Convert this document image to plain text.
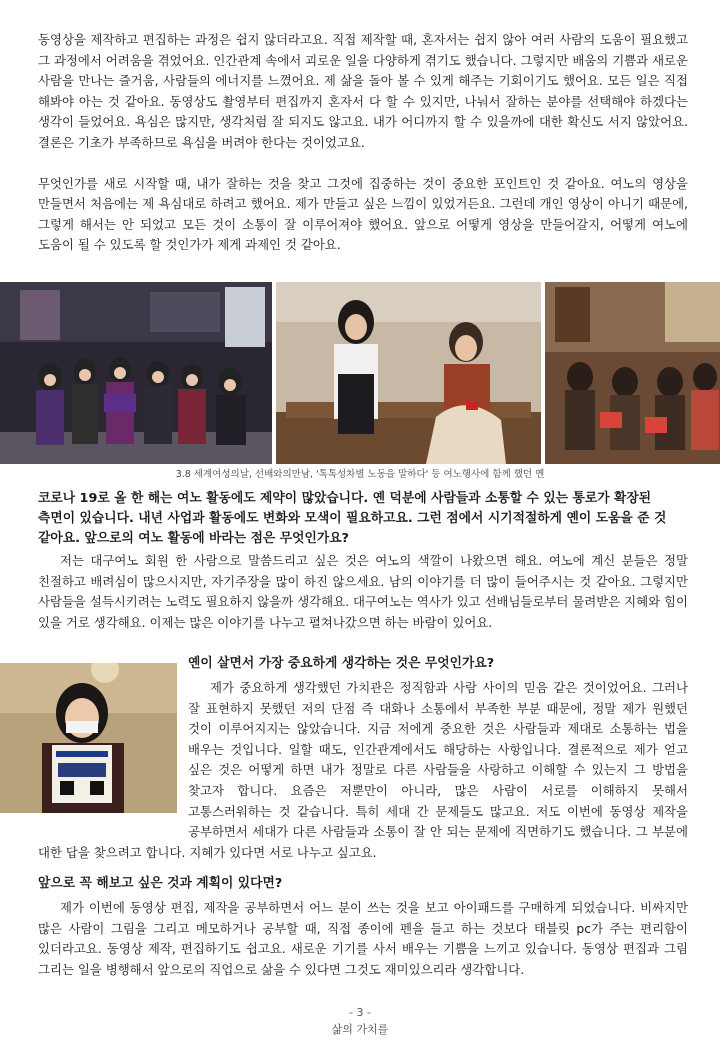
동영상을 제작하고 편집하는 과정은 쉽지 않더라고요. 직접 제작할 때, 혼자서는 쉽지 않아 여러 사람의 도움이 필요했고 그 과정에서 어려움을 겪었어요. 인간관계 속에서 괴로운 일을 다양하게 겪기도 했습니다. 그렇지만 배움의 기쁨과 새로운 사람을 만나는 즐거움, 사람들의 에너지를 느꼈어요. 제 삶을 돌아 볼 수 있게 해주는 기회이기도 했어요. 모든 일은 직접 해봐야 아는 것 같아요. 동영상도 촬영부터 편집까지 혼자서 다 할 수 있지만, 나눠서 잘하는 분야를 선택해야 하겠다는 생각이 들었어요. 욕심은 많지만, 생각처럼 잘 되지도 않고요. 내가 어디까지 할 수 있을까에 대한 확신도 서지 않았어요. 결론은 기초가 부족하므로 욕심을 버려야 한다는 것이었고요.

무엇인가를 새로 시작할 때, 내가 잘하는 것을 찾고 그것에 집중하는 것이 중요한 포인트인 것 같아요. 여노의 영상을 만들면서 처음에는 제 욕심대로 하려고 했어요. 제가 만들고 싶은 느낌이 있었거든요. 그런데 개인 영상이 아니기 때문에, 그렇게 해서는 안 되었고 모든 것이 소통이 잘 이루어져야 했어요. 앞으로 어떻게 영상을 만들어갈지, 어떻게 여노에 도움이 될 수 있도록 할 것인가가 제게 과제인 것 같아요.

3.8 세계여성의날, 선배와의만남, '톡톡성차별 노동을 말하다' 등 여노행사에 함께 했던 옌

코로나 19로 올 한 해는 여노 활동에도 제약이 많았습니다. 옌 덕분에 사람들과 소통할 수 있는 통로가 확장된 측면이 있습니다. 내년 사업과 활동에도 변화와 모색이 필요하고요. 그런 점에서 시기적절하게 옌이 도움을 준 것 같아요. 앞으로의 여노 활동에 바라는 점은 무엇인가요?

저는 대구여노 회원 한 사람으로 말씀드리고 싶은 것은 여노의 색깔이 나왔으면 해요. 여노에 계신 분들은 정말 친절하고 배려심이 많으시지만, 자기주장을 많이 하진 않으세요. 남의 이야기를 더 많이 들어주시는 것 같아요. 그렇지만 사람들을 설득시키려는 노력도 필요하지 않을까 생각해요. 대구여노는 역사가 있고 선배님들로부터 물려받은 지혜와 힘이 있을 거로 생각해요. 이제는 많은 이야기를 나누고 펼쳐나갔으면 하는 바람이 있어요.

옌이 살면서 가장 중요하게 생각하는 것은 무엇인가요?

제가 중요하게 생각했던 가치관은 정직함과 사람 사이의 믿음 같은 것이었어요. 그러나 잘 표현하지 못했던 저의 단점 즉 대화나 소통에서 부족한 부분 때문에, 정말 제가 원했던 것이 이루어지지는 않았습니다. 지금 저에게 중요한 것은 사람들과 제대로 소통하는 법을 배우는 것입니다. 일할 때도, 인간관계에서도 해당하는 사항입니다. 결론적으로 제가 얻고 싶은 것은 어떻게 하면 내가 정말로 다른 사람들을 사랑하고 이해할 수 있는지 그 방법을 찾고자 합니다. 요즘은 저뿐만이 아니라, 많은 사람이 서로를 이해하지 못해서 고통스러워하는 것 같습니다. 특히 세대 간 문제들도 많고요. 저도 이번에 동영상 제작을 공부하면서 세대가 다른 사람들과 소통이 잘 안 되는 문제에 직면하기도 했습니다. 그 부분에 대한 답을 찾으려고 합니다. 지혜가 있다면 서로 나누고 싶고요.

앞으로 꼭 해보고 싶은 것과 계획이 있다면?

제가 이번에 동영상 편집, 제작을 공부하면서 어느 분이 쓰는 것을 보고 아이패드를 구매하게 되었습니다. 비싸지만 많은 사람이 그림을 그리고 메모하거나 공부할 때, 직접 종이에 펜을 들고 하는 것보다 태블릿 pc가 주는 편리함이 있더라고요. 동영상 제작, 편집하기도 쉽고요. 새로운 기기를 사서 배우는 기쁨을 느끼고 있습니다. 동영상 편집과 그림 그리는 일을 병행해서 앞으로의 직업으로 삶을 수 있다면 그것도 재미있으리라 생각합니다.

- 3 -
삶의 가치를
